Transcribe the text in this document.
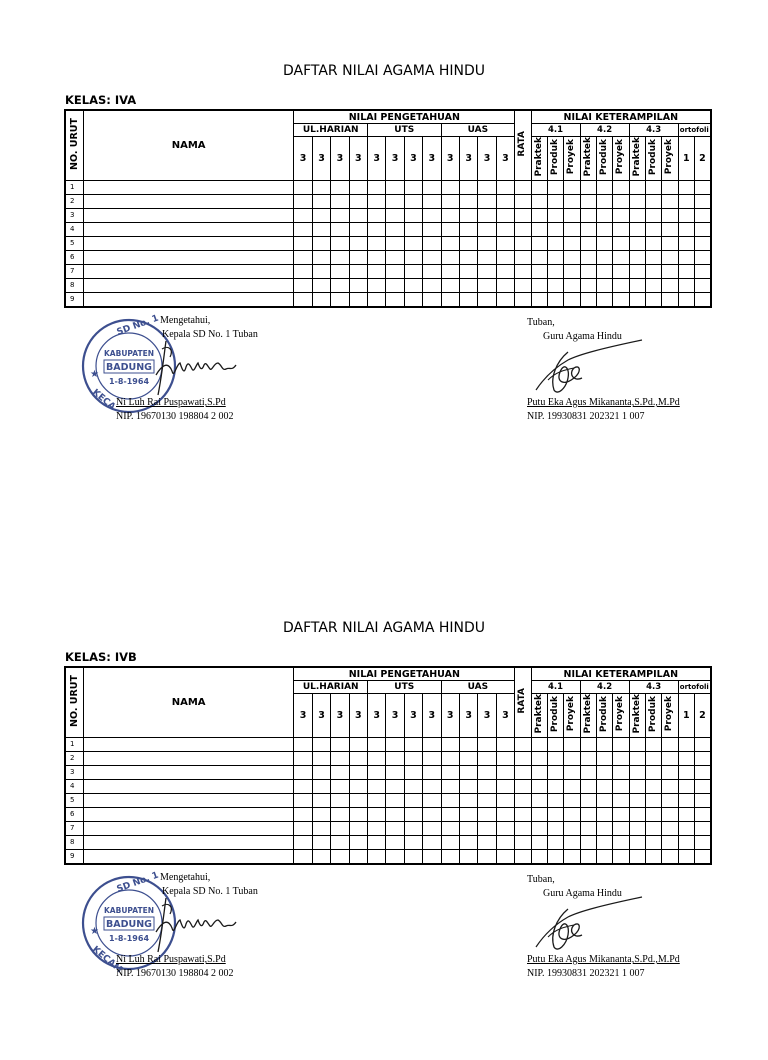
DAFTAR NILAI AGAMA HINDU
KELAS: IVA
NO. URUT	NAMA	NILAI PENGETAHUAN												RATA	NILAI KETERAMPILAN										
		UL.HARIAN				UTS				UAS					4.1			4.2			4.3			ortofoli	
		3	3	3	3	3	3	3	3	3	3	3	3		Praktek	Produk	Proyek	Praktek	Produk	Proyek	Praktek	Produk	Proyek	1	2
1																									
2																									
3																									
4																									
5																									
6																									
7																									
8																									
9																									
SD No. 1
KABUPATEN
BADUNG
1-8-1964
★
KECA
Mengetahui,
Kepala SD No. 1 Tuban
Ni Luh Rai Puspawati,S.Pd
NIP. 19670130 198804 2 002
Tuban,
Guru Agama Hindu
Putu Eka Agus Mikananta,S.Pd.,M.Pd
NIP. 19930831 202321 1 007
DAFTAR NILAI AGAMA HINDU
KELAS: IVB
NO. URUT	NAMA	NILAI PENGETAHUAN												RATA	NILAI KETERAMPILAN										
		UL.HARIAN				UTS				UAS					4.1			4.2			4.3			ortofoli	
		3	3	3	3	3	3	3	3	3	3	3	3		Praktek	Produk	Proyek	Praktek	Produk	Proyek	Praktek	Produk	Proyek	1	2
1																									
2																									
3																									
4																									
5																									
6																									
7																									
8																									
9																									
SD No. 1
KABUPATEN
BADUNG
1-8-1964
★
KECAM
Mengetahui,
Kepala SD No. 1 Tuban
Ni Luh Rai Puspawati,S.Pd
NIP. 19670130 198804 2 002
Tuban,
Guru Agama Hindu
Putu Eka Agus Mikananta,S.Pd.,M.Pd
NIP. 19930831 202321 1 007
